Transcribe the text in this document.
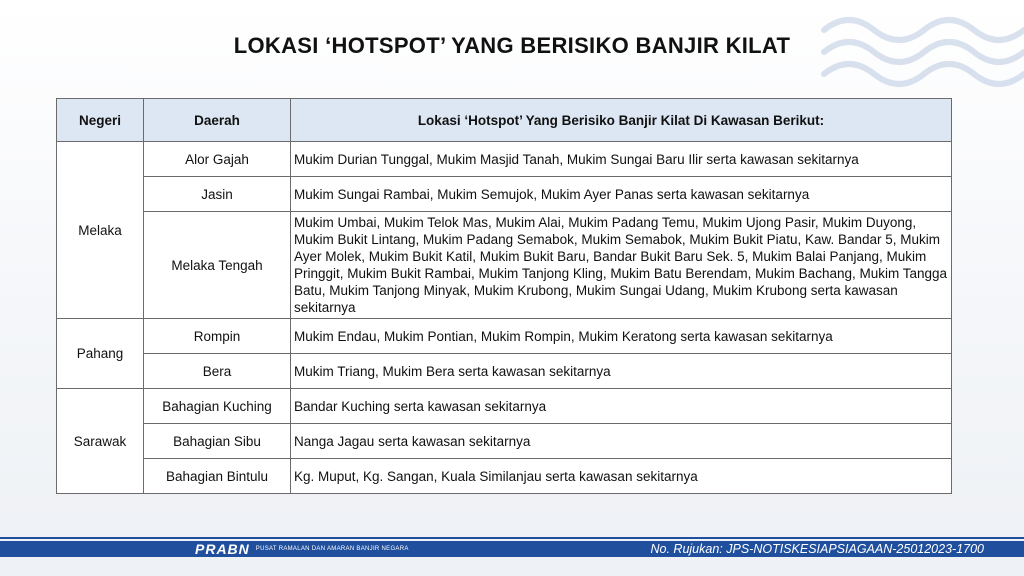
LOKASI ‘HOTSPOT’ YANG BERISIKO BANJIR KILAT
Negeri	Daerah	Lokasi ‘Hotspot’ Yang Berisiko Banjir Kilat Di Kawasan Berikut:
Melaka	Alor Gajah	Mukim Durian Tunggal, Mukim Masjid Tanah, Mukim Sungai Baru Ilir serta kawasan sekitarnya
	Jasin	Mukim Sungai Rambai, Mukim Semujok, Mukim Ayer Panas serta kawasan sekitarnya
	Melaka Tengah	Mukim Umbai, Mukim Telok Mas, Mukim Alai, Mukim Padang Temu, Mukim Ujong Pasir, Mukim Duyong, Mukim Bukit Lintang, Mukim Padang Semabok, Mukim Semabok, Mukim Bukit Piatu, Kaw. Bandar 5, Mukim Ayer Molek, Mukim Bukit Katil, Mukim Bukit Baru, Bandar Bukit Baru Sek. 5, Mukim Balai Panjang, Mukim Pringgit, Mukim Bukit Rambai, Mukim Tanjong Kling, Mukim Batu Berendam, Mukim Bachang, Mukim Tangga Batu, Mukim Tanjong Minyak, Mukim Krubong, Mukim Sungai Udang, Mukim Krubong serta kawasan sekitarnya
Pahang	Rompin	Mukim Endau, Mukim Pontian, Mukim Rompin, Mukim Keratong serta kawasan sekitarnya
	Bera	Mukim Triang, Mukim Bera serta kawasan sekitarnya
Sarawak	Bahagian Kuching	Bandar Kuching serta kawasan sekitarnya
	Bahagian Sibu	Nanga Jagau serta kawasan sekitarnya
	Bahagian Bintulu	Kg. Muput, Kg. Sangan, Kuala Similanjau serta kawasan sekitarnya
PRABN PUSAT RAMALAN DAN AMARAN BANJIR NEGARA	No. Rujukan: JPS-NOTISKESIAPSIAGAAN-25012023-1700
